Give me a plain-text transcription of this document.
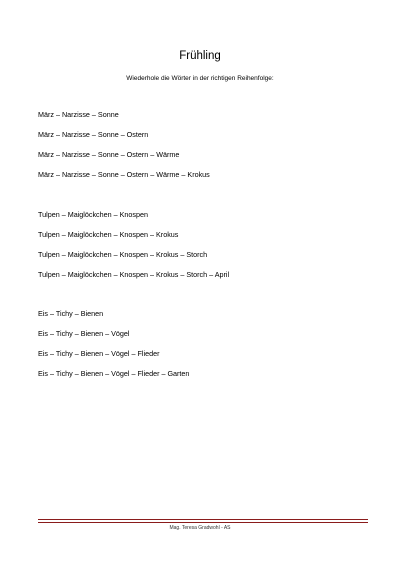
Frühling
Wiederhole die Wörter in der richtigen Reihenfolge:
März – Narzisse – Sonne
März – Narzisse – Sonne – Ostern
März – Narzisse – Sonne – Ostern – Wärme
März – Narzisse – Sonne – Ostern – Wärme – Krokus
Tulpen – Maiglöckchen – Knospen
Tulpen – Maiglöckchen – Knospen – Krokus
Tulpen – Maiglöckchen – Knospen – Krokus – Storch
Tulpen – Maiglöckchen – Knospen – Krokus – Storch – April
Eis – Tichy – Bienen
Eis – Tichy – Bienen – Vögel
Eis – Tichy – Bienen – Vögel – Flieder
Eis – Tichy – Bienen – Vögel – Flieder – Garten
Mag. Teresa Gradwohl - AS
